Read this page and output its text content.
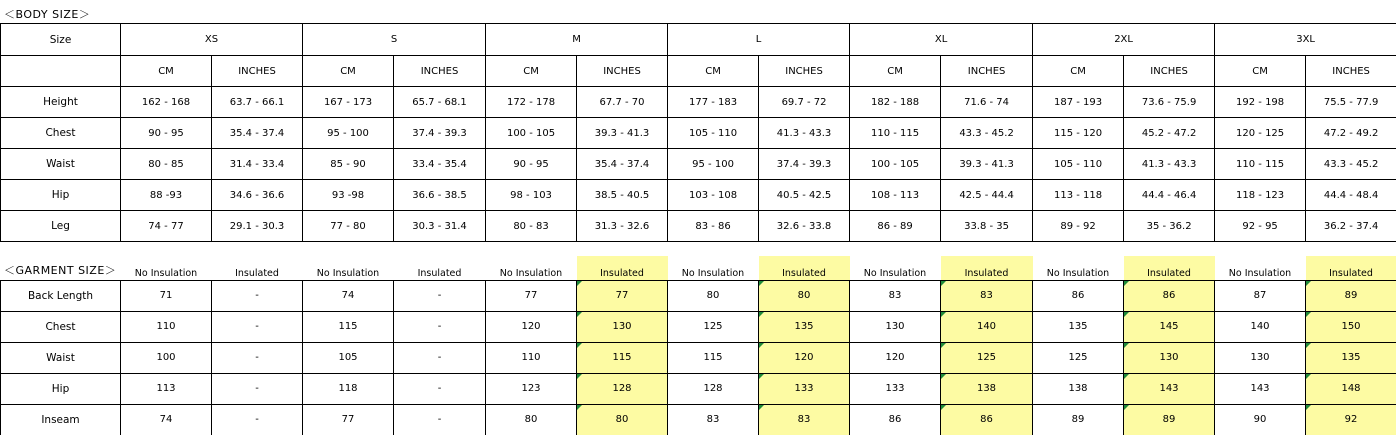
＜BODY SIZE＞
Size	XS		S		M		L		XL		2XL		3XL	
	CM	INCHES	CM	INCHES	CM	INCHES	CM	INCHES	CM	INCHES	CM	INCHES	CM	INCHES
Height	162 - 168	63.7 - 66.1	167 - 173	65.7 - 68.1	172 - 178	67.7 - 70	177 - 183	69.7 - 72	182 - 188	71.6 - 74	187 - 193	73.6 - 75.9	192 - 198	75.5 - 77.9
Chest	90 - 95	35.4 - 37.4	95 - 100	37.4 - 39.3	100 - 105	39.3 - 41.3	105 - 110	41.3 - 43.3	110 - 115	43.3 - 45.2	115 - 120	45.2 - 47.2	120 - 125	47.2 - 49.2
Waist	80 - 85	31.4 - 33.4	85 - 90	33.4 - 35.4	90 - 95	35.4 - 37.4	95 - 100	37.4 - 39.3	100 - 105	39.3 - 41.3	105 - 110	41.3 - 43.3	110 - 115	43.3 - 45.2
Hip	88 -93	34.6 - 36.6	93 -98	36.6 - 38.5	98 - 103	38.5 - 40.5	103 - 108	40.5 - 42.5	108 - 113	42.5 - 44.4	113 - 118	44.4 - 46.4	118 - 123	44.4 - 48.4
Leg	74 - 77	29.1 - 30.3	77 - 80	30.3 - 31.4	80 - 83	31.3 - 32.6	83 - 86	32.6 - 33.8	86 - 89	33.8 - 35	89 - 92	35 - 36.2	92 - 95	36.2 - 37.4
＜GARMENT SIZE＞
	No Insulation	Insulated	No Insulation	Insulated	No Insulation	Insulated	No Insulation	Insulated	No Insulation	Insulated	No Insulation	Insulated	No Insulation	Insulated
Back Length	71	-	74	-	77	77	80	80	83	83	86	86	87	89
Chest	110	-	115	-	120	130	125	135	130	140	135	145	140	150
Waist	100	-	105	-	110	115	115	120	120	125	125	130	130	135
Hip	113	-	118	-	123	128	128	133	133	138	138	143	143	148
Inseam	74	-	77	-	80	80	83	83	86	86	89	89	90	92
